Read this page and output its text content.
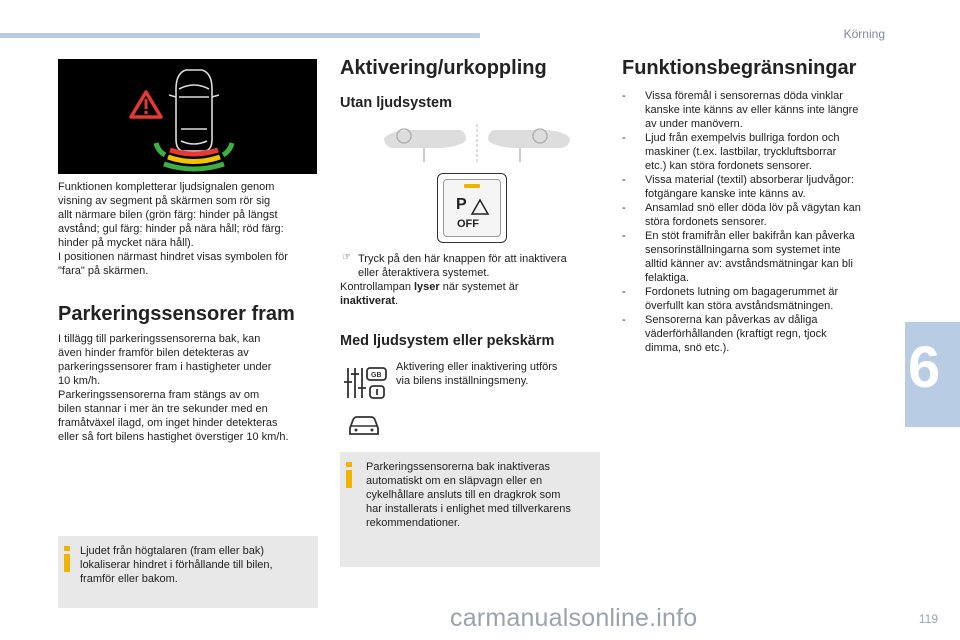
Körning
6

Funktionen kompletterar ljudsignalen genom
visning av segment på skärmen som rör sig
allt närmare bilen (grön färg: hinder på längst
avstånd; gul färg: hinder på nära håll; röd färg:
hinder på mycket nära håll).
I positionen närmast hindret visas symbolen för
"fara" på skärmen.

Parkeringssensorer fram

I tillägg till parkeringssensorerna bak, kan
även hinder framför bilen detekteras av
parkeringssensorer fram i hastigheter under
10 km/h.
Parkeringssensorerna fram stängs av om
bilen stannar i mer än tre sekunder med en
framåtväxel ilagd, om inget hinder detekteras
eller så fort bilens hastighet överstiger 10 km/h.

Ljudet från högtalaren (fram eller bak)
lokaliserar hindret i förhållande till bilen,
framför eller bakom.

Aktivering/urkoppling
Utan ljudsystem
P
OFF
☞ Tryck på den här knappen för att inaktivera
eller återaktivera systemet.

Kontrollampan lyser när systemet är
inaktiverat.

Med ljudsystem eller pekskärm
GB

Aktivering eller inaktivering utförs
via bilens inställningsmeny.

Parkeringssensorerna bak inaktiveras
automatiskt om en släpvagn eller en
cykelhållare ansluts till en dragkrok som
har installerats i enlighet med tillverkarens
rekommendationer.

Funktionsbegränsningar
- Vissa föremål i sensorernas döda vinklar
kanske inte känns av eller känns inte längre
av under manövern.
- Ljud från exempelvis bullriga fordon och
maskiner (t.ex. lastbilar, tryckluftsborrar
etc.) kan störa fordonets sensorer.
- Vissa material (textil) absorberar ljudvågor:
fotgängare kanske inte känns av.
- Ansamlad snö eller döda löv på vägytan kan
störa fordonets sensorer.
- En stöt framifrån eller bakifrån kan påverka
sensorinställningarna som systemet inte
alltid känner av: avståndsmätningar kan bli
felaktiga.
- Fordonets lutning om bagagerummet är
överfullt kan störa avståndsmätningen.
- Sensorerna kan påverkas av dåliga
väderförhållanden (kraftigt regn, tjock
dimma, snö etc.).
carmanualsonline.info	119
